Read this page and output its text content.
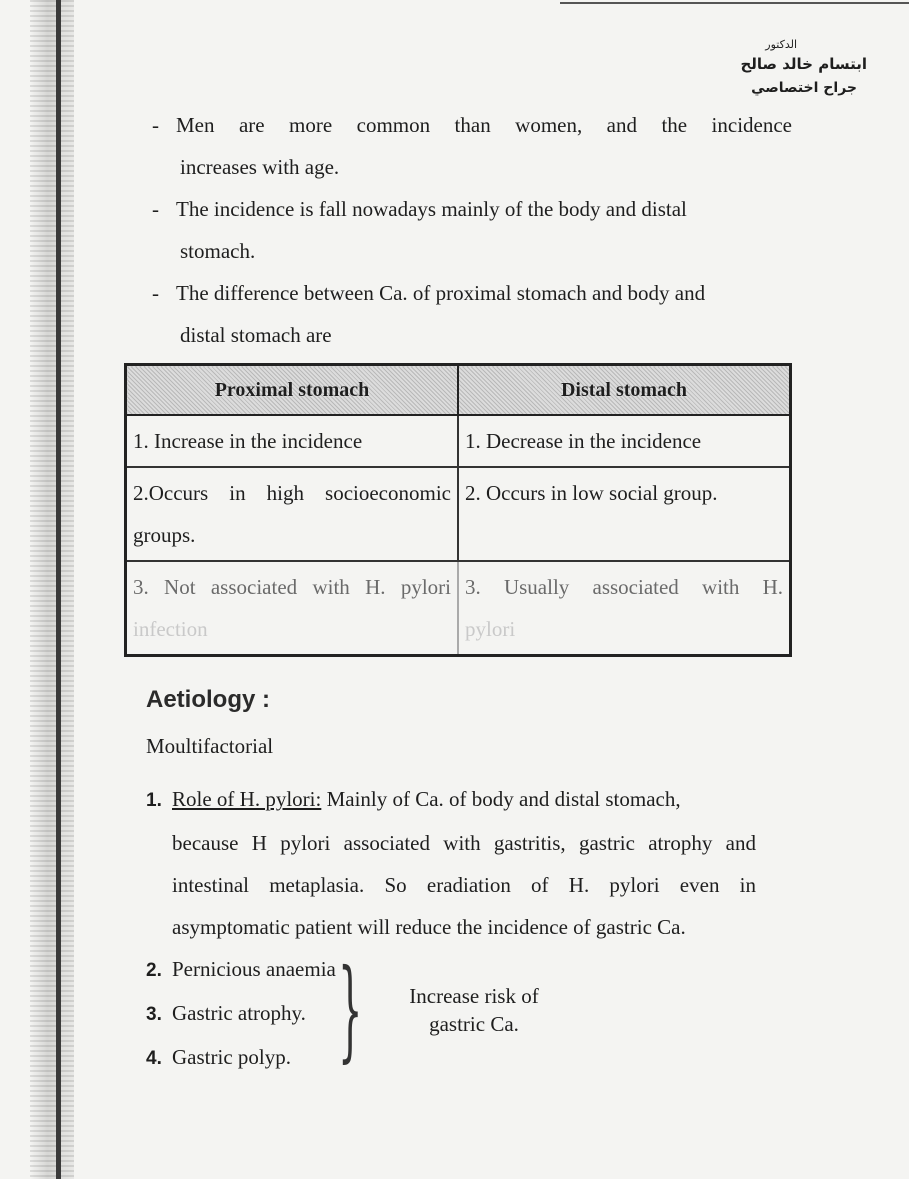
الدكتور
ابتسام خالد صالح
جراح اختصاصي
- Men are more common than women, and the incidence
increases with age.
- The incidence is fall nowadays mainly of the body and distal
stomach.
- The difference between Ca. of proximal stomach and body and
distal stomach are
Proximal stomach	Distal stomach
1. Increase in the incidence	1. Decrease in the incidence

2.Occurs in high socioeconomic
groups.	2. Occurs in low social group.

3. Not associated with H. pylori
infection	3. Usually associated with H.
pylori
Aetiology :
Moultifactorial
1. Role of H. pylori: Mainly of Ca. of body and distal stomach,
because H pylori associated with gastritis, gastric atrophy and
intestinal metaplasia. So eradiation of H. pylori even in
asymptomatic patient will reduce the incidence of gastric Ca.
2. Pernicious anaemia
3. Gastric atrophy.
4. Gastric polyp. }	Increase risk of
gastric Ca.
